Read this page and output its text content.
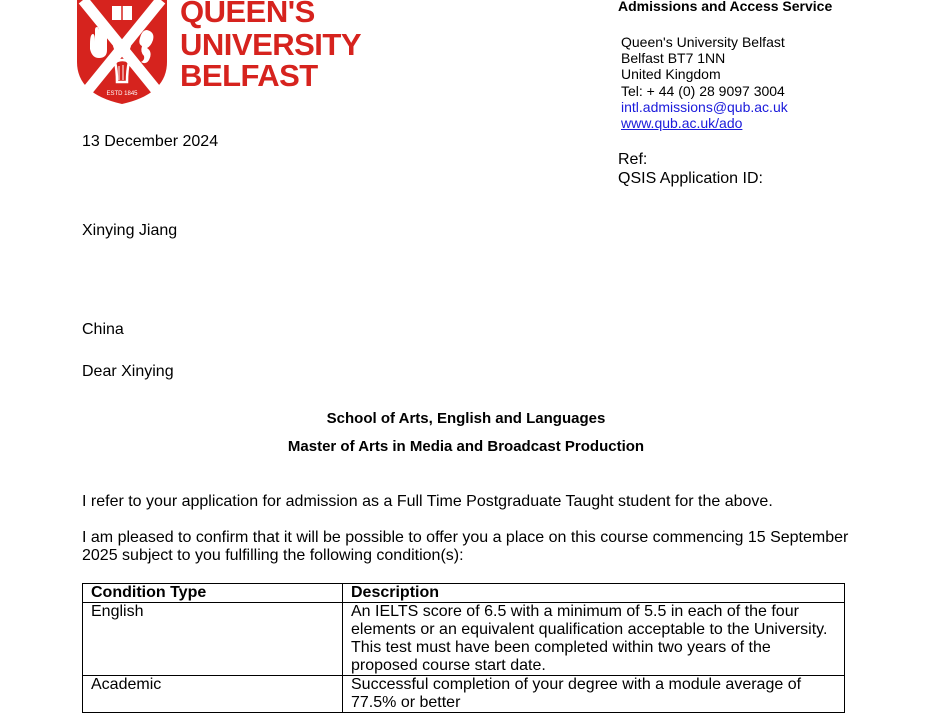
ESTD 1845
QUEEN'S
UNIVERSITY
BELFAST
Admissions and Access Service
Queen's University Belfast
Belfast BT7 1NN
United Kingdom
Tel: + 44 (0) 28 9097 3004
intl.admissions@qub.ac.uk
www.qub.ac.uk/ado
Ref:
QSIS Application ID:
13 December 2024
Xinying Jiang
China
Dear Xinying
School of Arts, English and Languages
Master of Arts in Media and Broadcast Production
I refer to your application for admission as a Full Time Postgraduate Taught student for the above.
I am pleased to confirm that it will be possible to offer you a place on this course commencing 15 September
2025 subject to you fulfilling the following condition(s):
Condition Type	Description
English	An IELTS score of 6.5 with a minimum of 5.5 in each of the four elements or an equivalent qualification acceptable to the University. This test must have been completed within two years of the proposed course start date.
Academic	Successful completion of your degree with a module average of 77.5% or better
